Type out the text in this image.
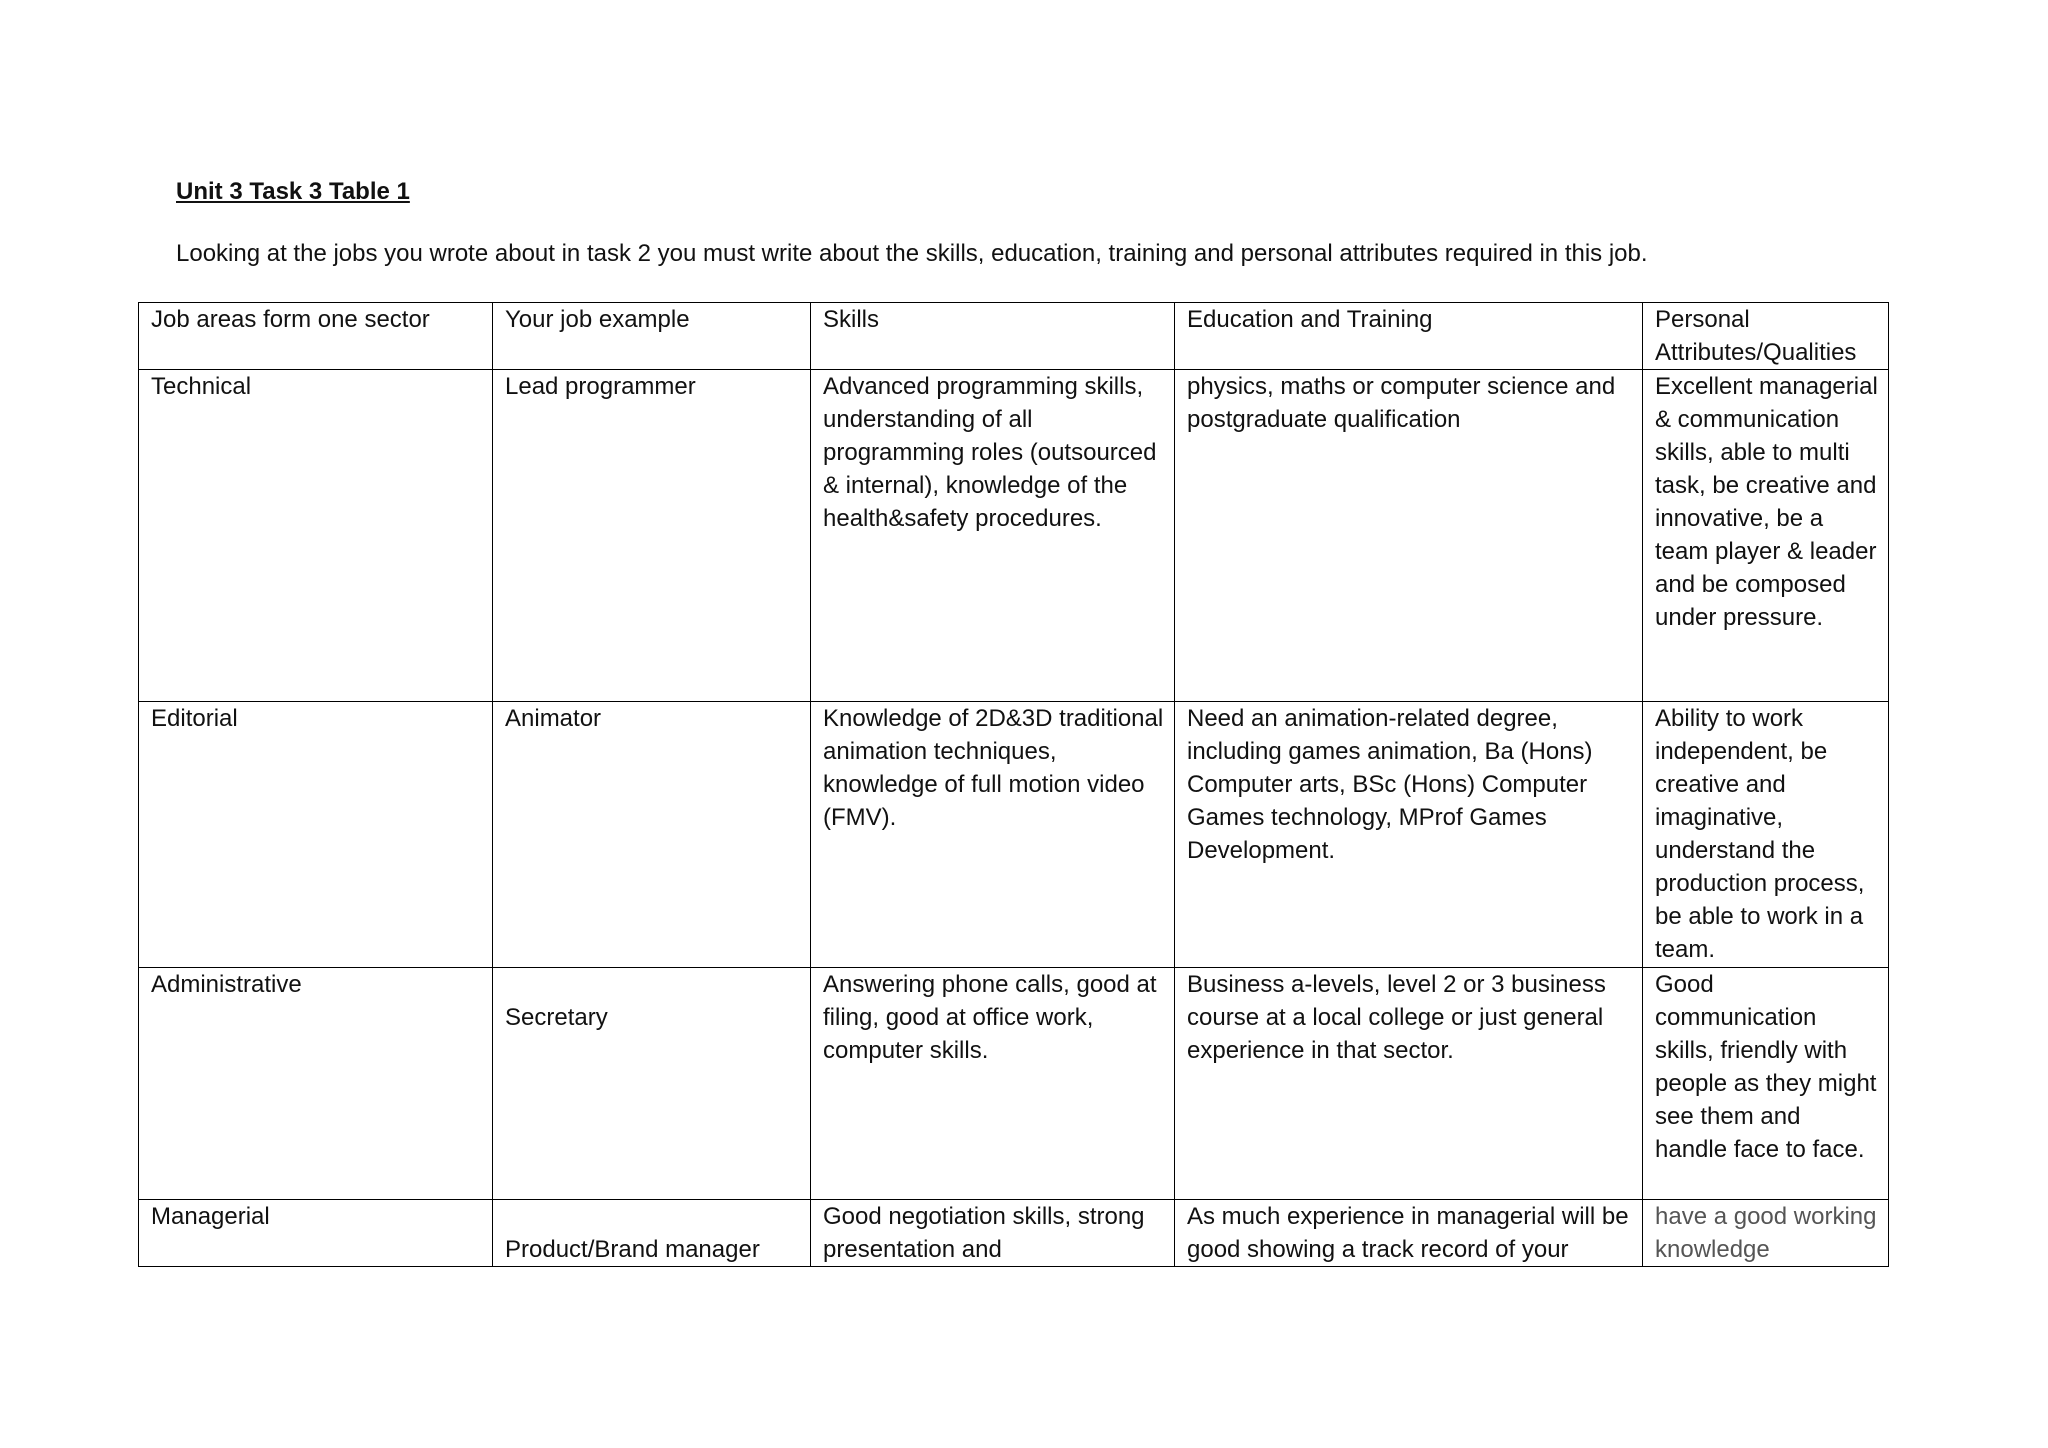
Unit 3 Task 3 Table 1

Looking at the jobs you wrote about in task 2 you must write about the skills, education, training and personal attributes required in this job.

Job areas form one sector	Your job example	Skills	Education and Training	Personal Attributes/Qualities
Technical	Lead programmer	Advanced programming skills, understanding of all programming roles (outsourced & internal), knowledge of the health&safety procedures.	physics, maths or computer science and postgraduate qualification	Excellent managerial & communication skills, able to multi task, be creative and innovative, be a team player & leader and be composed under pressure.
Editorial	Animator	Knowledge of 2D&3D traditional animation techniques, knowledge of full motion video (FMV).	Need an animation-related degree, including games animation, Ba (Hons) Computer arts, BSc (Hons) Computer Games technology, MProf Games Development.	Ability to work independent, be creative and imaginative, understand the production process, be able to work in a team.
Administrative	Secretary	Answering phone calls, good at filing, good at office work, computer skills.	Business a-levels, level 2 or 3 business course at a local college or just general experience in that sector.	Good communication skills, friendly with people as they might see them and handle face to face.
Managerial	Product/Brand manager	Good negotiation skills, strong presentation and	As much experience in managerial will be good showing a track record of your	have a good working knowledge
